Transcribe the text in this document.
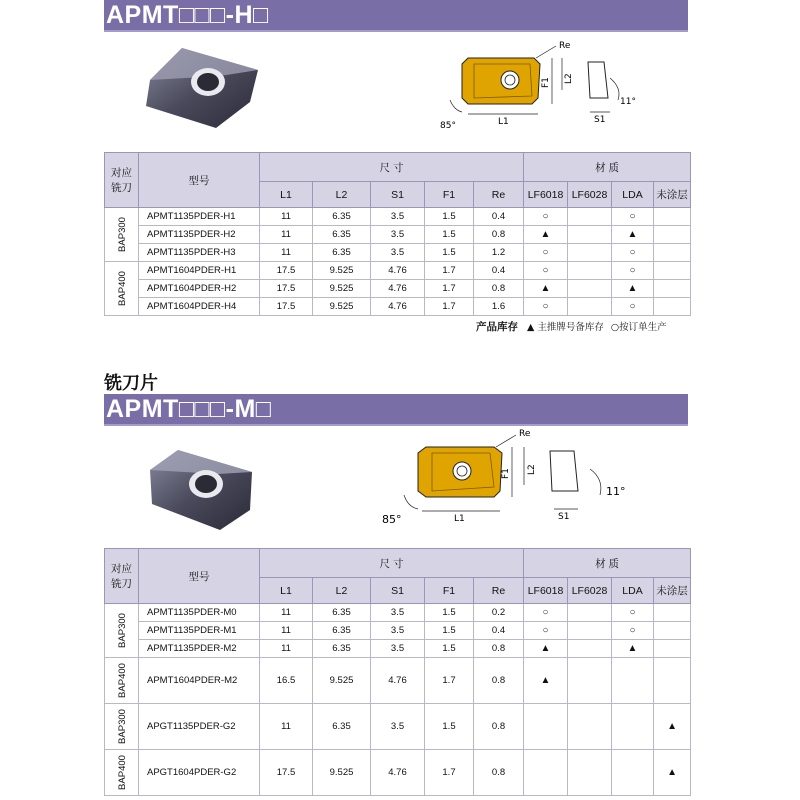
APMT□□□-H□
Re
L1
F1 L2
S1
85°
11°
对应
铣刀	型号	尺 寸					材 质			
		L1	L2	S1	F1	Re	LF6018	LF6028	LDA	未涂层
BAP300	APMT1135PDER-H1	11	6.35	3.5	1.5	0.4	○		○	
	APMT1135PDER-H2	11	6.35	3.5	1.5	0.8	▲		▲	
	APMT1135PDER-H3	11	6.35	3.5	1.5	1.2	○		○	
BAP400	APMT1604PDER-H1	17.5	9.525	4.76	1.7	0.4	○		○	
	APMT1604PDER-H2	17.5	9.525	4.76	1.7	0.8	▲		▲	
	APMT1604PDER-H4	17.5	9.525	4.76	1.7	1.6	○		○	
产品库存 ▲ 主推牌号备库存 ○按订单生产
铣刀片
APMT□□□-M□
Re
L1
F1 L2
S1
85°
11°
对应
铣刀	型号	尺 寸					材 质			
		L1	L2	S1	F1	Re	LF6018	LF6028	LDA	未涂层
BAP300	APMT1135PDER-M0	11	6.35	3.5	1.5	0.2	○		○	
	APMT1135PDER-M1	11	6.35	3.5	1.5	0.4	○		○	
	APMT1135PDER-M2	11	6.35	3.5	1.5	0.8	▲		▲	
BAP400	APMT1604PDER-M2	16.5	9.525	4.76	1.7	0.8	▲			
BAP300	APGT1135PDER-G2	11	6.35	3.5	1.5	0.8				▲
BAP400	APGT1604PDER-G2	17.5	9.525	4.76	1.7	0.8				▲
